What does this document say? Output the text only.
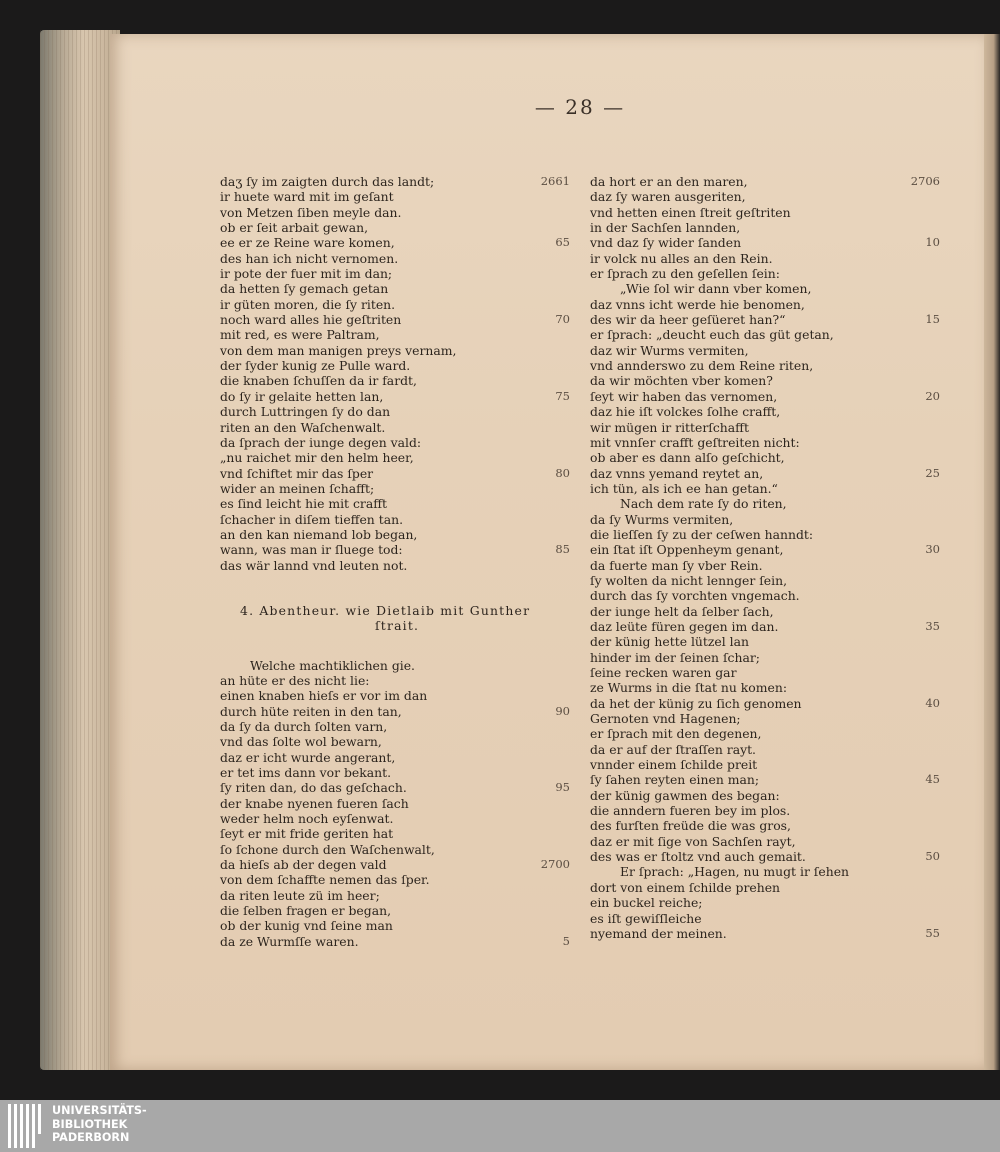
— 28 —
daʒ ſy im zaigten durch das landt;	2661
ir huete ward mit im geſant
von Metzen ſiben meyle dan.
ob er ſeit arbait gewan,
ee er ze Reine ware komen,	65
des han ich nicht vernomen.
ir pote der fuer mit im dan;
da hetten ſy gemach getan
ir güten moren, die ſy riten.
noch ward alles hie geſtriten	70
mit red, es were Paltram,
von dem man manigen preys vernam,
der ſyder kunig ze Pulle ward.
die knaben ſchuſſen da ir fardt,
do ſy ir gelaite hetten lan,	75
durch Luttringen ſy do dan
riten an den Waſchenwalt.
da ſprach der iunge degen vald:
„nu raichet mir den helm heer,
vnd ſchiftet mir das ſper	80
wider an meinen ſchafft;
es ſind leicht hie mit crafft
ſchacher in diſem tieffen tan.
an den kan niemand lob began,
wann, was man ir ſluege tod:	85
das wär lannd vnd leuten not.
4. Abentheur. wie Dietlaib mit Gunther
ſtrait.
Welche machtiklichen gie.
an hüte er des nicht lie:
einen knaben hieſs er vor im dan
durch hüte reiten in den tan,	90
da ſy da durch ſolten varn,
vnd das ſolte wol bewarn,
daz er icht wurde angerant,
er tet ims dann vor bekant.
ſy riten dan, do das geſchach.	95
der knabe nyenen fueren ſach
weder helm noch eyſenwat.
ſeyt er mit fride geriten hat
ſo ſchone durch den Waſchenwalt,
da hieſs ab der degen vald	2700
von dem ſchaffte nemen das ſper.
da riten leute zü im heer;
die ſelben fragen er began,
ob der kunig vnd ſeine man
da ze Wurmſſe waren.	5
da hort er an den maren,	2706
daz ſy waren ausgeriten,
vnd hetten einen ſtreit geſtriten
in der Sachſen lannden,
vnd daz ſy wider ſanden	10
ir volck nu alles an den Rein.
er ſprach zu den geſellen ſein:
„Wie ſol wir dann vber komen,
daz vnns icht werde hie benomen,
des wir da heer geſüeret han?“	15
er ſprach: „deucht euch das güt getan,
daz wir Wurms vermiten,
vnd annderswo zu dem Reine riten,
da wir möchten vber komen?
ſeyt wir haben das vernomen,	20
daz hie iſt volckes ſolhe crafft,
wir mügen ir ritterſchafft
mit vnnſer crafft geſtreiten nicht:
ob aber es dann alſo geſchicht,
daz vnns yemand reytet an,	25
ich tün, als ich ee han getan.“
Nach dem rate ſy do riten,
da ſy Wurms vermiten,
die lieſſen ſy zu der ceſwen hanndt:
ein ſtat iſt Oppenheym genant,	30
da fuerte man ſy vber Rein.
ſy wolten da nicht lennger ſein,
durch das ſy vorchten vngemach.
der iunge helt da ſelber ſach,
daz leüte füren gegen im dan.	35
der künig hette lützel lan
hinder im der ſeinen ſchar;
ſeine recken waren gar
ze Wurms in die ſtat nu komen:
da het der künig zu ſich genomen	40
Gernoten vnd Hagenen;
er ſprach mit den degenen,
da er auf der ſtraſſen rayt.
vnnder einem ſchilde preit
ſy ſahen reyten einen man;	45
der künig gawmen des began:
die anndern fueren bey im plos.
des furſten freüde die was gros,
daz er mit ſige von Sachſen rayt,
des was er ſtoltz vnd auch gemait.	50
Er ſprach: „Hagen, nu mugt ir ſehen
dort von einem ſchilde prehen
ein buckel reiche;
es iſt gewiſſleiche
nyemand der meinen.	55
UNIVERSITÄTS-
BIBLIOTHEK
PADERBORN
